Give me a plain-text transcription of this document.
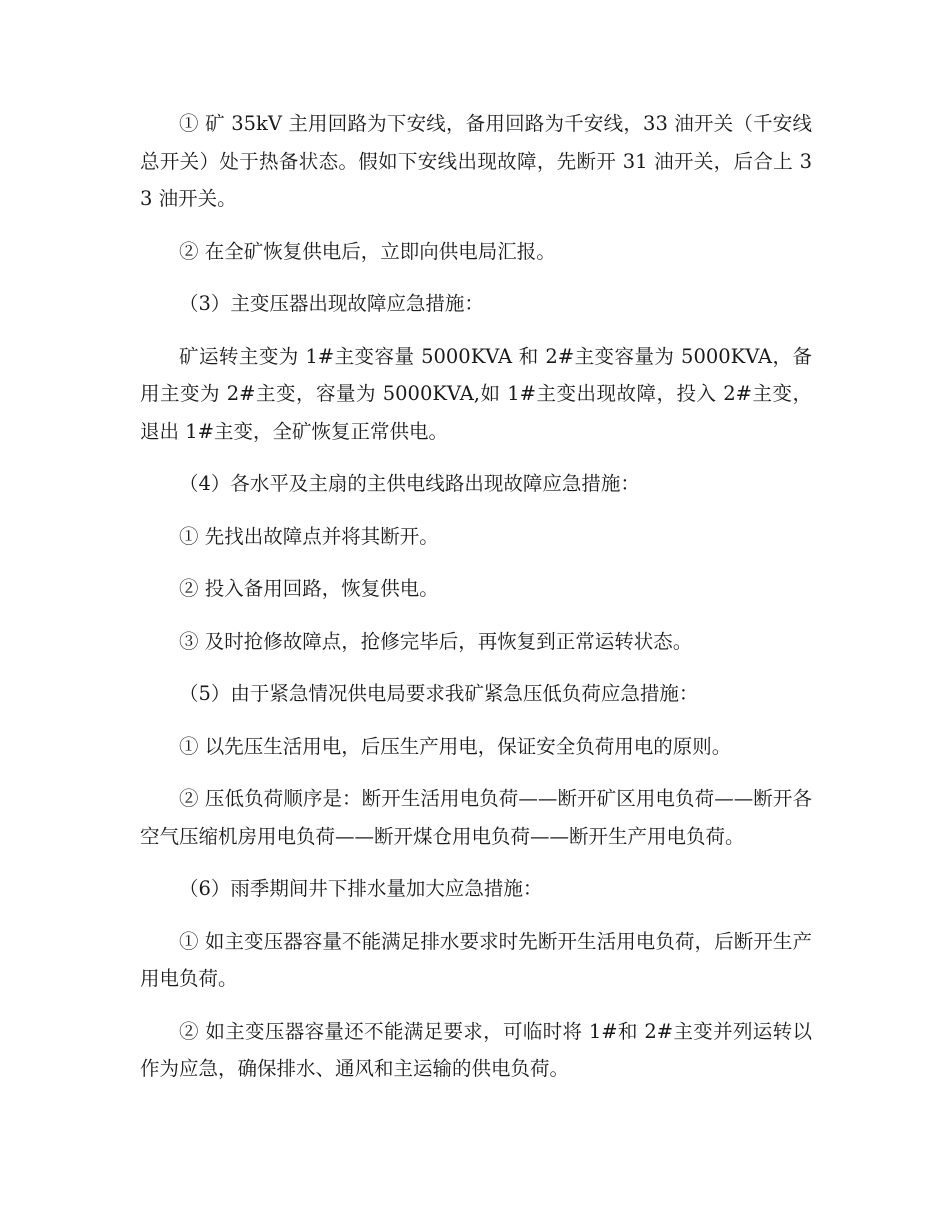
① 矿 35kV 主用回路为下安线，备用回路为千安线，33 油开关（千安线总开关）处于热备状态。假如下安线出现故障，先断开 31 油开关，后合上 33 油开关。

② 在全矿恢复供电后，立即向供电局汇报。

（3）主变压器出现故障应急措施：

矿运转主变为 1#主变容量 5000KVA 和 2#主变容量为 5000KVA，备用主变为 2#主变，容量为 5000KVA,如 1#主变出现故障，投入 2#主变，退出 1#主变，全矿恢复正常供电。

（4）各水平及主扇的主供电线路出现故障应急措施：

① 先找出故障点并将其断开。

② 投入备用回路，恢复供电。

③ 及时抢修故障点，抢修完毕后，再恢复到正常运转状态。

（5）由于紧急情况供电局要求我矿紧急压低负荷应急措施：

① 以先压生活用电，后压生产用电，保证安全负荷用电的原则。

② 压低负荷顺序是：断开生活用电负荷——断开矿区用电负荷——断开各空气压缩机房用电负荷——断开煤仓用电负荷——断开生产用电负荷。

（6）雨季期间井下排水量加大应急措施：

① 如主变压器容量不能满足排水要求时先断开生活用电负荷，后断开生产用电负荷。

② 如主变压器容量还不能满足要求，可临时将 1#和 2#主变并列运转以作为应急，确保排水、通风和主运输的供电负荷。
